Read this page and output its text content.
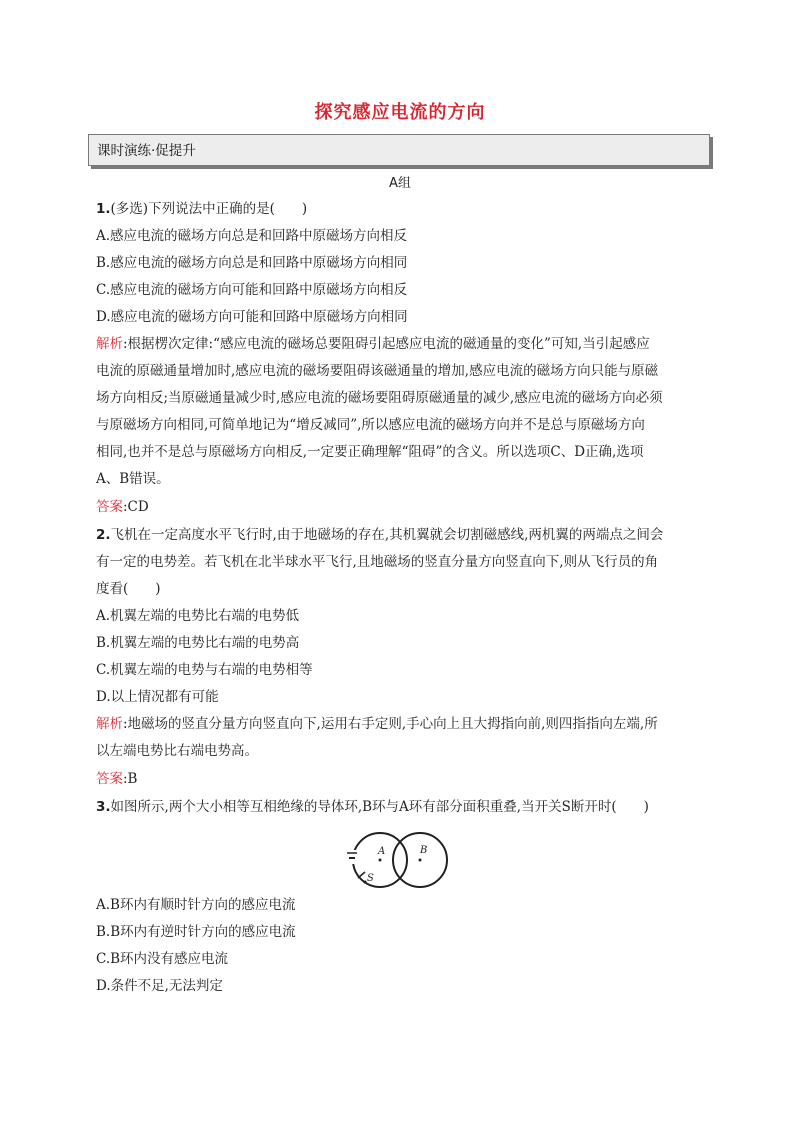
探究感应电流的方向
课时演练·促提升
A组
1.(多选)下列说法中正确的是(　　)
A.感应电流的磁场方向总是和回路中原磁场方向相反
B.感应电流的磁场方向总是和回路中原磁场方向相同
C.感应电流的磁场方向可能和回路中原磁场方向相反
D.感应电流的磁场方向可能和回路中原磁场方向相同
解析:根据楞次定律:“感应电流的磁场总要阻碍引起感应电流的磁通量的变化”可知,当引起感应
电流的原磁通量增加时,感应电流的磁场要阻碍该磁通量的增加,感应电流的磁场方向只能与原磁
场方向相反;当原磁通量减少时,感应电流的磁场要阻碍原磁通量的减少,感应电流的磁场方向必须
与原磁场方向相同,可简单地记为“增反减同”,所以感应电流的磁场方向并不是总与原磁场方向
相同,也并不是总与原磁场方向相反,一定要正确理解“阻碍”的含义。所以选项C、D正确,选项
A、B错误。
答案:CD
2.飞机在一定高度水平飞行时,由于地磁场的存在,其机翼就会切割磁感线,两机翼的两端点之间会
有一定的电势差。若飞机在北半球水平飞行,且地磁场的竖直分量方向竖直向下,则从飞行员的角
度看(　　)
A.机翼左端的电势比右端的电势低
B.机翼左端的电势比右端的电势高
C.机翼左端的电势与右端的电势相等
D.以上情况都有可能
解析:地磁场的竖直分量方向竖直向下,运用右手定则,手心向上且大拇指向前,则四指指向左端,所
以左端电势比右端电势高。
答案:B
3.如图所示,两个大小相等互相绝缘的导体环,B环与A环有部分面积重叠,当开关S断开时(　　)
A	B
S
A.B环内有顺时针方向的感应电流
B.B环内有逆时针方向的感应电流
C.B环内没有感应电流
D.条件不足,无法判定
